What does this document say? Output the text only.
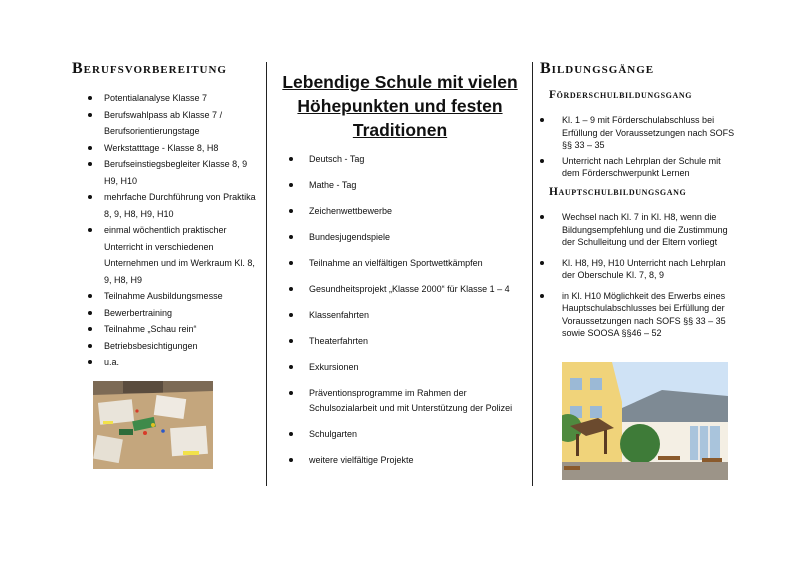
Berufsvorbereitung
Potentialanalyse Klasse 7
Berufswahlpass ab Klasse 7 / Berufsorientierungstage
Werkstatttage - Klasse 8, H8
Berufseinstiegsbegleiter Klasse 8, 9 H9, H10
mehrfache Durchführung von Praktika 8, 9, H8, H9, H10
einmal wöchentlich praktischer Unterricht in verschiedenen Unternehmen und im Werkraum Kl. 8, 9, H8, H9
Teilnahme Ausbildungsmesse
Bewerbertraining
Teilnahme „Schau rein“
Betriebsbesichtigungen
u.a.

Lebendige Schule mit vielen Höhepunkten und festen Traditionen

Deutsch - Tag
Mathe - Tag
Zeichenwettbewerbe
Bundesjugendspiele
Teilnahme an vielfältigen Sportwettkämpfen
Gesundheitsprojekt „Klasse 2000“ für Klasse 1 – 4
Klassenfahrten
Theaterfahrten
Exkursionen
Präventionsprogramme im Rahmen der Schulsozialarbeit und mit Unterstützung der Polizei
Schulgarten
weitere vielfältige Projekte
Bildungsgänge
Förderschulbildungsgang
Kl. 1 – 9 mit Förderschulabschluss bei Erfüllung der Voraussetzungen nach SOFS §§ 33 – 35
Unterricht nach Lehrplan der Schule mit dem Förderschwerpunkt Lernen
Hauptschulbildungsgang
Wechsel nach Kl. 7 in Kl. H8, wenn die Bildungsempfehlung und die Zustimmung der Schulleitung und der Eltern vorliegt
Kl. H8, H9, H10 Unterricht nach Lehrplan der Oberschule Kl. 7, 8, 9
in Kl. H10 Möglichkeit des Erwerbs eines Hauptschulabschlusses bei Erfüllung der Voraussetzungen nach SOFS §§ 33 – 35 sowie SOOSA §§46 – 52
